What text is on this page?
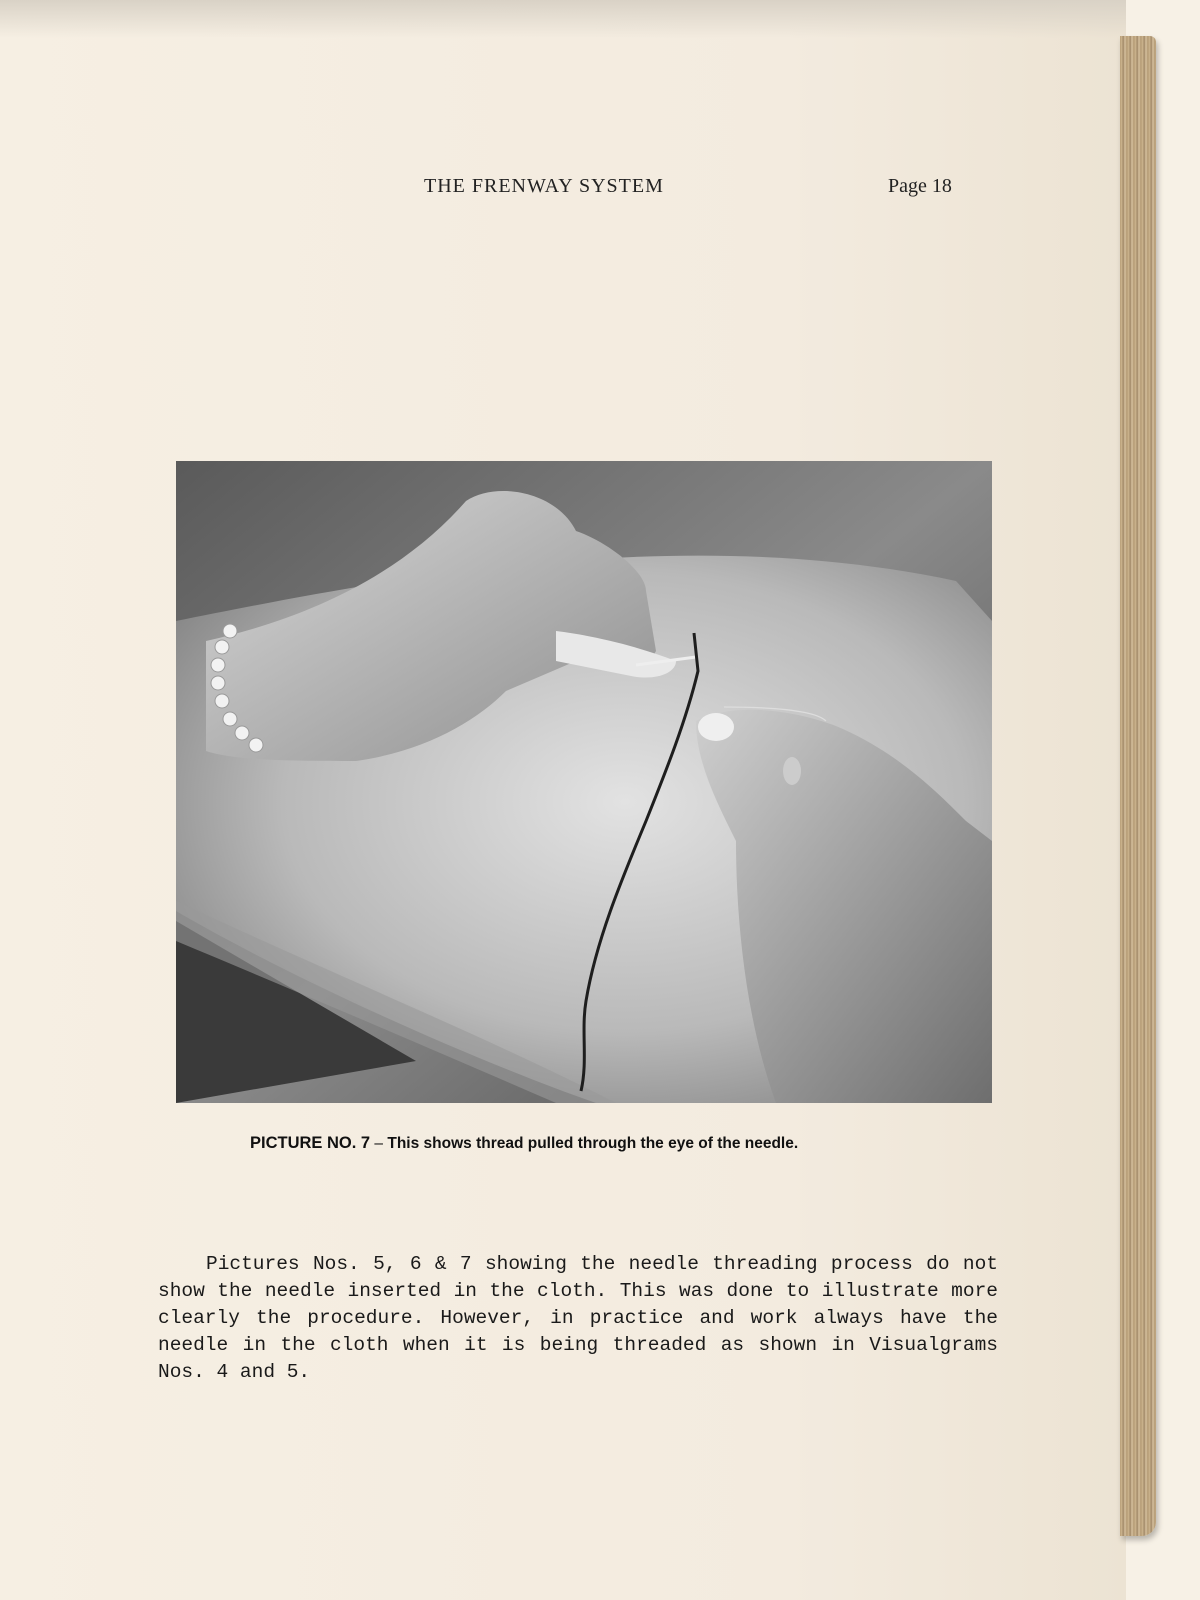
THE FRENWAY SYSTEM	Page 18
PICTURE NO. 7 – This shows thread pulled through the eye of the needle.

Pictures Nos. 5, 6 & 7 showing the needle threading process do not show the needle inserted in the cloth. This was done to illustrate more clearly the procedure. However, in practice and work always have the needle in the cloth when it is being threaded as shown in Visualgrams Nos. 4 and 5.
